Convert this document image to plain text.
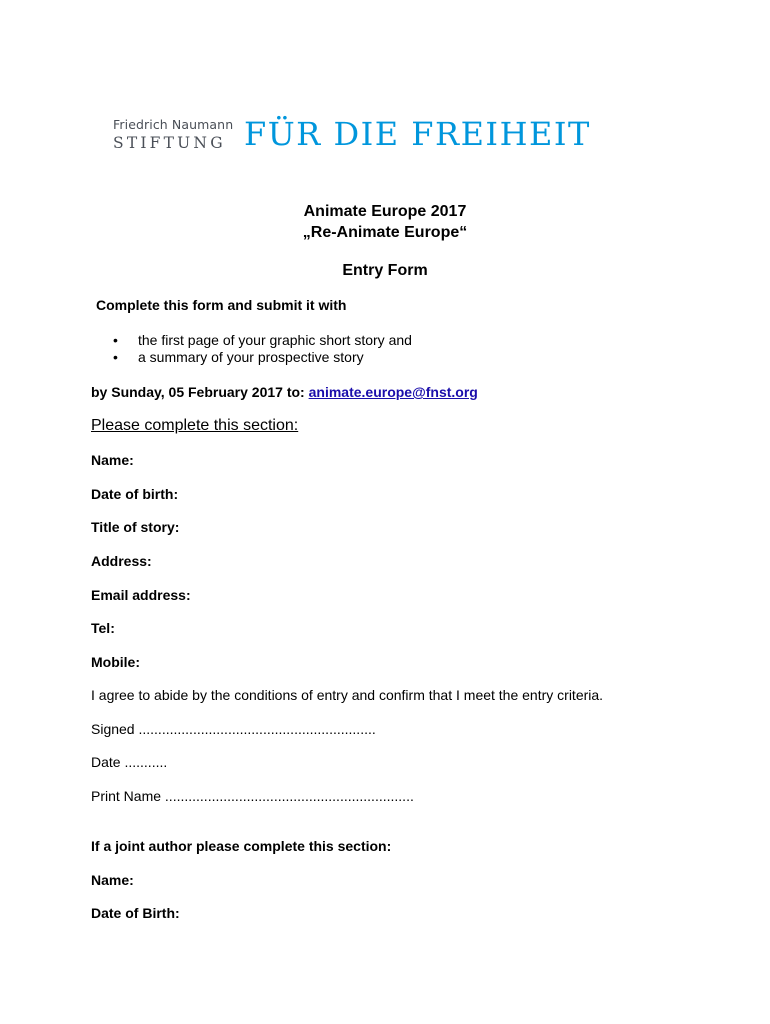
Friedrich Naumann
STIFTUNG FÜR DIE FREIHEIT
Animate Europe 2017
„Re-Animate Europe“
Entry Form
Complete this form and submit it with
• the first page of your graphic short story and
• a summary of your prospective story
by Sunday, 05 February 2017 to: animate.europe@fnst.org
Please complete this section:
Name:
Date of birth:
Title of story:
Address:
Email address:
Tel:
Mobile:
I agree to abide by the conditions of entry and confirm that I meet the entry criteria.
Signed .............................................................
Date ...........
Print Name ................................................................
If a joint author please complete this section:
Name:
Date of Birth:
